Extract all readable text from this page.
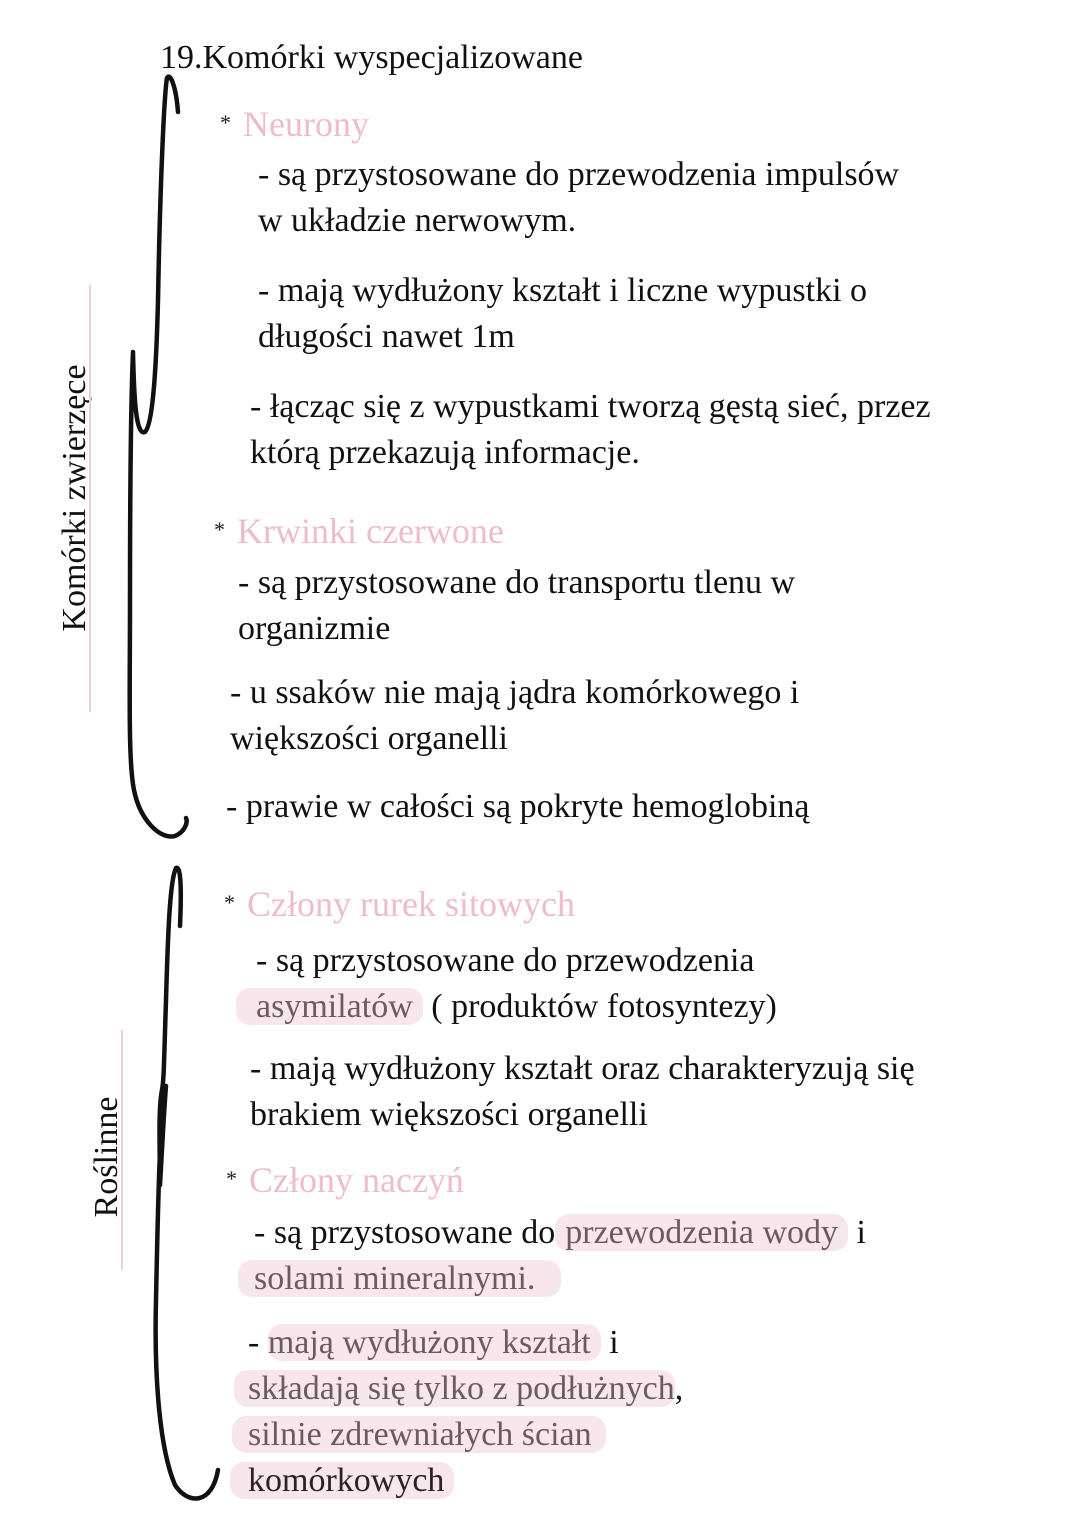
19.Komórki wyspecjalizowane
Komórki zwierzęce
Roślinne
* Neurony
- są przystosowane do przewodzenia impulsów
w układzie nerwowym.
- mają wydłużony kształt i liczne wypustki o
długości nawet 1m
- łącząc się z wypustkami tworzą gęstą sieć, przez
którą przekazują informacje.
* Krwinki czerwone
- są przystosowane do transportu tlenu w
organizmie
- u ssaków nie mają jądra komórkowego i
większości organelli
- prawie w całości są pokryte hemoglobiną
* Człony rurek sitowych
- są przystosowane do przewodzenia
asymilatów ( produktów fotosyntezy)
- mają wydłużony kształt oraz charakteryzują się
brakiem większości organelli
* Człony naczyń
- są przystosowane do przewodzenia wody i
solami mineralnymi.
- mają wydłużony kształt i
składają się tylko z podłużnych,
silnie zdrewniałych ścian
komórkowych
